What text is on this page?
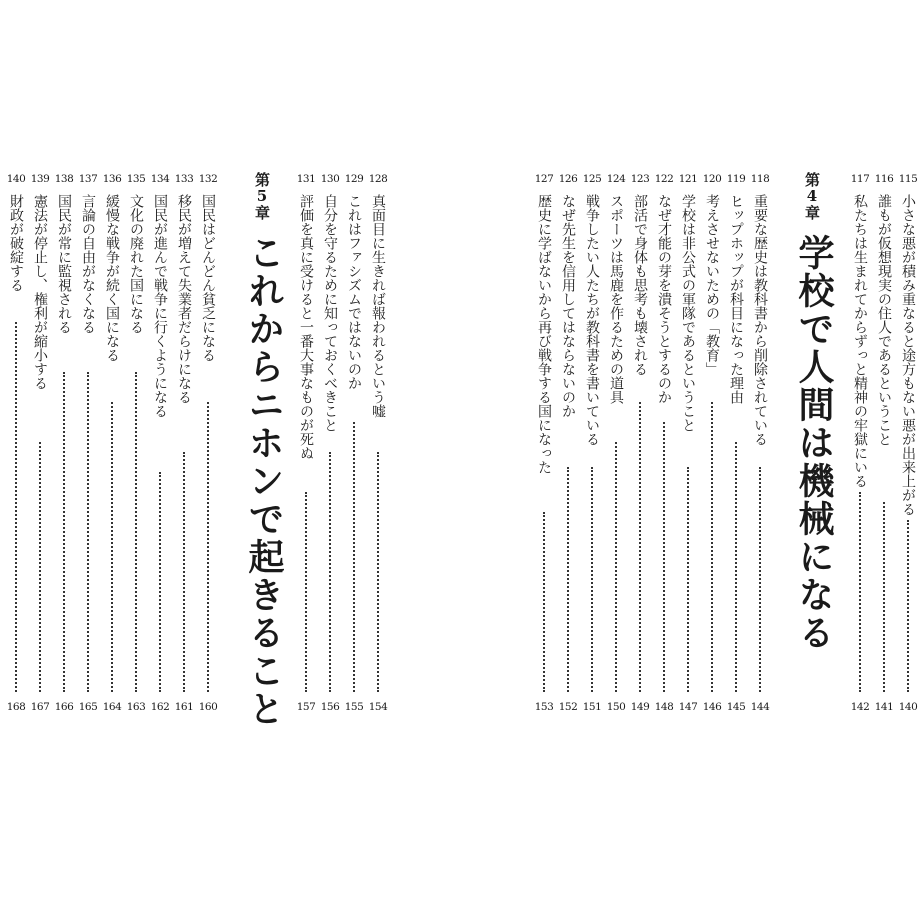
115
小さな悪が積み重なると途方もない悪が出来上がる
140
116
誰もが仮想現実の住人であるということ
141
117
私たちは生まれてからずっと精神の牢獄にいる
142
第4章
学校で人間は機械になる
118
重要な歴史は教科書から削除されている
144
119
ヒップホップが科目になった理由
145
120
考えさせないための「教育」
146
121
学校は非公式の軍隊であるということ
147
122
なぜ才能の芽を潰そうとするのか
148
123
部活で身体も思考も壊される
149
124
スポーツは馬鹿を作るための道具
150
125
戦争したい人たちが教科書を書いている
151
126
なぜ先生を信用してはならないのか
152
127
歴史に学ばないから再び戦争する国になった
153
128
真面目に生きれば報われるという嘘
154
129
これはファシズムではないのか
155
130
自分を守るために知っておくべきこと
156
131
評価を真に受けると一番大事なものが死ぬ
157
第5章
これからニホンで起きること
132
国民はどんどん貧乏になる
160
133
移民が増えて失業者だらけになる
161
134
国民が進んで戦争に行くようになる
162
135
文化の廃れた国になる
163
136
緩慢な戦争が続く国になる
164
137
言論の自由がなくなる
165
138
国民が常に監視される
166
139
憲法が停止し、権利が縮小する
167
140
財政が破綻する
168
